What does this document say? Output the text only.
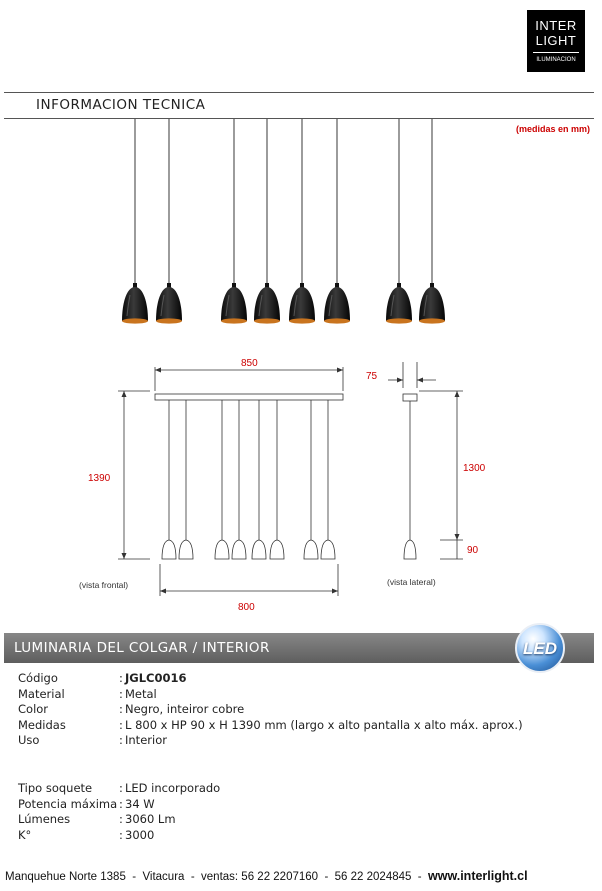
INTER
LIGHT
ILUMINACION
INFORMACION TECNICA
(medidas en mm)
850
1390
800
75
1300
90
(vista frontal)	(vista lateral)
LUMINARIA DEL COLGAR / INTERIOR	LED
Código	: JGLC0016
Material	: Metal
Color	: Negro, inteiror cobre
Medidas	: L 800 x HP 90 x H 1390 mm (largo x alto pantalla x alto máx. aprox.)
Uso	: Interior
Tipo soquete : LED incorporado
Potencia máxima : 34 W
Lúmenes	: 3060 Lm
K°	: 3000
Manquehue Norte 1385  -  Vitacura  -  ventas: 56 22 2207160  -  56 22 2024845  -  www.interlight.cl
